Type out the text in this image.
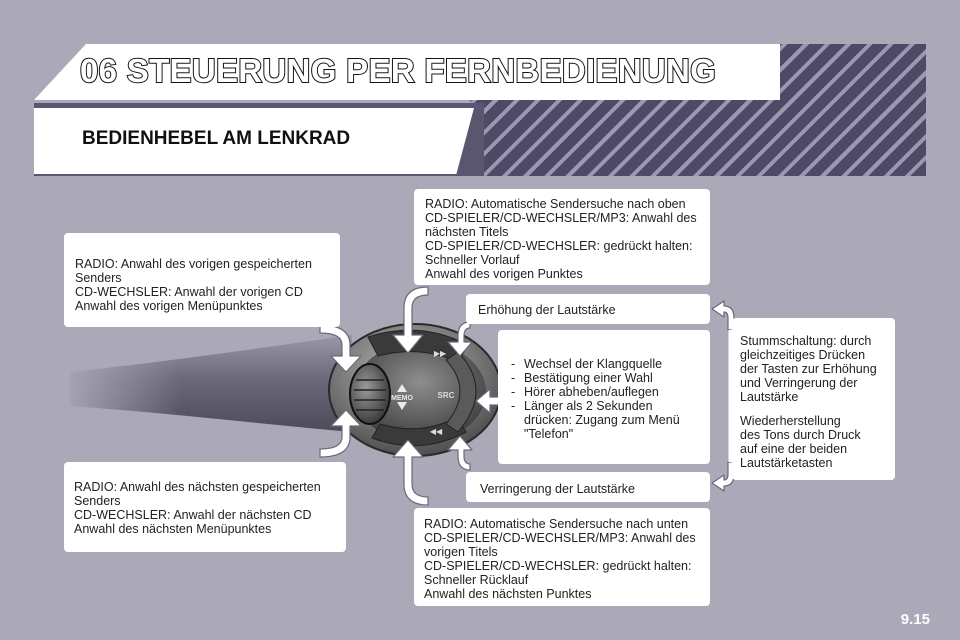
06 STEUERUNG PER FERNBEDIENUNG
BEDIENHEBEL AM LENKRAD
MEMO	SRC
▶▶
◀◀
RADIO: Anwahl des vorigen gespeicherten
Senders
CD-WECHSLER: Anwahl der vorigen CD
Anwahl des vorigen Menüpunktes
RADIO: Anwahl des nächsten gespeicherten
Senders
CD-WECHSLER: Anwahl der nächsten CD
Anwahl des nächsten Menüpunktes
RADIO: Automatische Sendersuche nach oben
CD-SPIELER/CD-WECHSLER/MP3: Anwahl des
nächsten Titels
CD-SPIELER/CD-WECHSLER: gedrückt halten:
Schneller Vorlauf
Anwahl des vorigen Punktes
Erhöhung der Lautstärke
- Wechsel der Klangquelle
- Bestätigung einer Wahl
- Hörer abheben/auflegen
- Länger als 2 Sekunden
drücken: Zugang zum Menü
"Telefon"
Verringerung der Lautstärke
RADIO: Automatische Sendersuche nach unten
CD-SPIELER/CD-WECHSLER/MP3: Anwahl des
vorigen Titels
CD-SPIELER/CD-WECHSLER: gedrückt halten:
Schneller Rücklauf
Anwahl des nächsten Punktes

Stummschaltung: durch
gleichzeitiges Drücken
der Tasten zur Erhöhung
und Verringerung der
Lautstärke

Wiederherstellung
des Tons durch Druck
auf eine der beiden
Lautstärketasten

9.15
